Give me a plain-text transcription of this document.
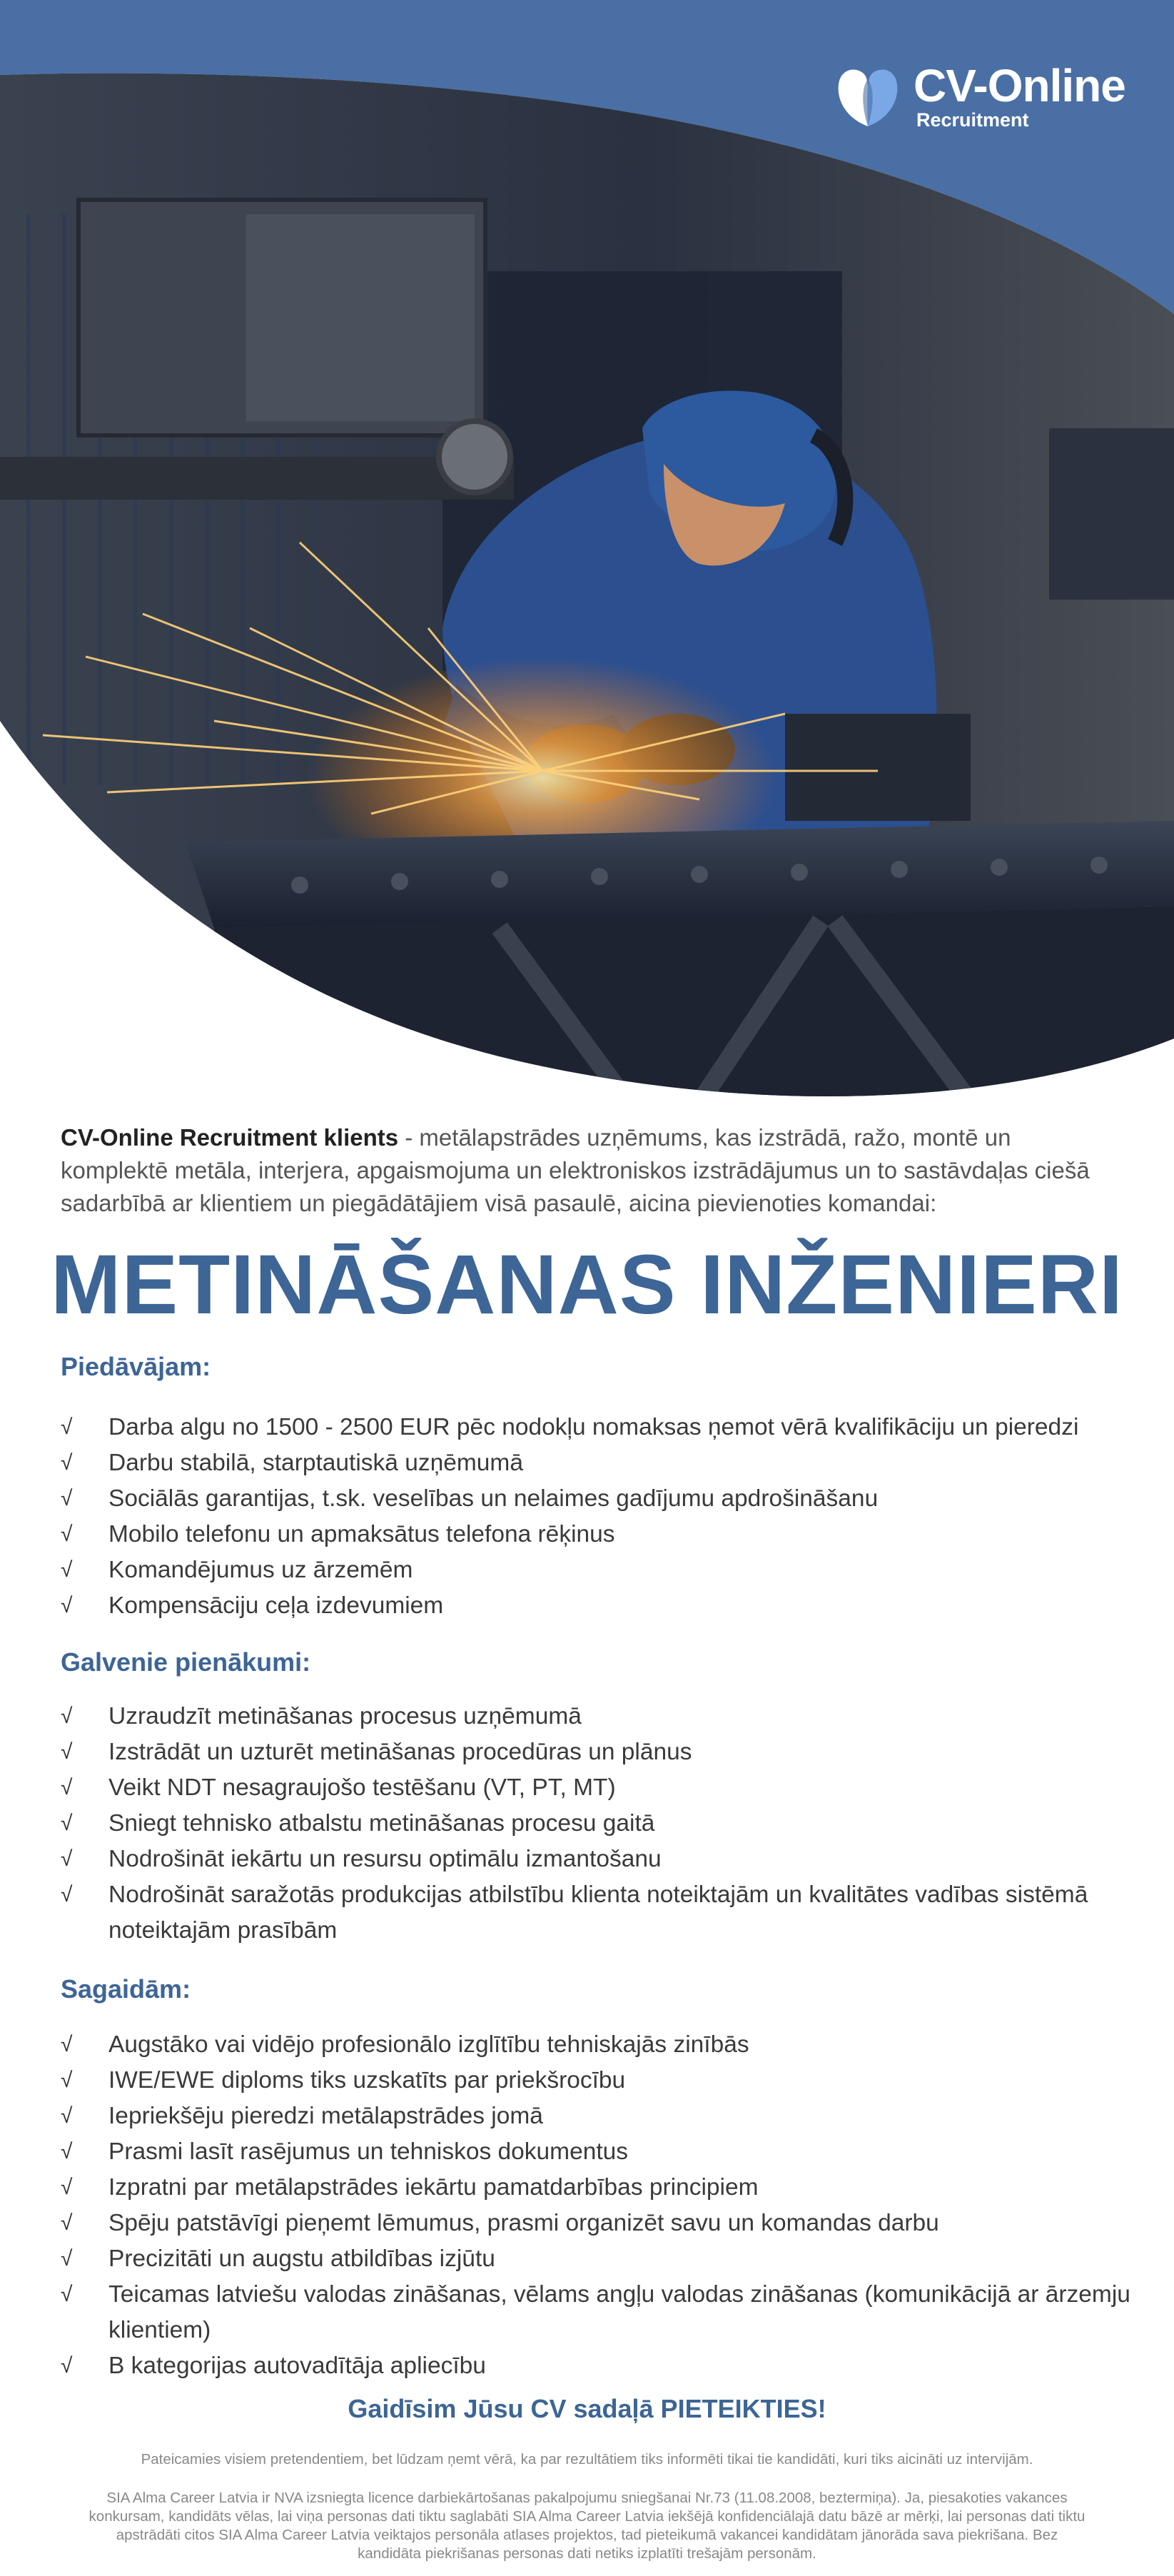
CV-Online
Recruitment

CV-Online Recruitment klients - metālapstrādes uzņēmums, kas izstrādā, ražo, montē un komplektē metāla, interjera, apgaismojuma un elektroniskos izstrādājumus un to sastāvdaļas ciešā sadarbībā ar klientiem un piegādātājiem visā pasaulē, aicina pievienoties komandai:

METINĀŠANAS INŽENIERI
Piedāvājam:
√	Darba algu no 1500 - 2500 EUR pēc nodokļu nomaksas ņemot vērā kvalifikāciju un pieredzi
√	Darbu stabilā, starptautiskā uzņēmumā
√	Sociālās garantijas, t.sk. veselības un nelaimes gadījumu apdrošināšanu
√	Mobilo telefonu un apmaksātus telefona rēķinus
√	Komandējumus uz ārzemēm
√	Kompensāciju ceļa izdevumiem
Galvenie pienākumi:
√	Uzraudzīt metināšanas procesus uzņēmumā
√	Izstrādāt un uzturēt metināšanas procedūras un plānus
√	Veikt NDT nesagraujošo testēšanu (VT, PT, MT)
√	Sniegt tehnisko atbalstu metināšanas procesu gaitā
√	Nodrošināt iekārtu un resursu optimālu izmantošanu
√	Nodrošināt saražotās produkcijas atbilstību klienta noteiktajām un kvalitātes vadības sistēmā noteiktajām prasībām
Sagaidām:
√	Augstāko vai vidējo profesionālo izglītību tehniskajās zinībās
√	IWE/EWE diploms tiks uzskatīts par priekšrocību
√	Iepriekšēju pieredzi metālapstrādes jomā
√	Prasmi lasīt rasējumus un tehniskos dokumentus
√	Izpratni par metālapstrādes iekārtu pamatdarbības principiem
√	Spēju patstāvīgi pieņemt lēmumus, prasmi organizēt savu un komandas darbu
√	Precizitāti un augstu atbildības izjūtu
√	Teicamas latviešu valodas zināšanas, vēlams angļu valodas zināšanas (komunikācijā ar ārzemju klientiem)
√	B kategorijas autovadītāja apliecību
Gaidīsim Jūsu CV sadaļā PIETEIKTIES!

Pateicamies visiem pretendentiem, bet lūdzam ņemt vērā, ka par rezultātiem tiks informēti tikai tie kandidāti, kuri tiks aicināti uz intervijām.

SIA Alma Career Latvia ir NVA izsniegta licence darbiekārtošanas pakalpojumu sniegšanai Nr.73 (11.08.2008, beztermiņa). Ja, piesakoties vakances konkursam, kandidāts vēlas, lai viņa personas dati tiktu saglabāti SIA Alma Career Latvia iekšējā konfidenciālajā datu bāzē ar mērķi, lai personas dati tiktu apstrādāti citos SIA Alma Career Latvia veiktajos personāla atlases projektos, tad pieteikumā vakancei kandidātam jānorāda sava piekrišana. Bez kandidāta piekrišanas personas dati netiks izplatīti trešajām personām.
